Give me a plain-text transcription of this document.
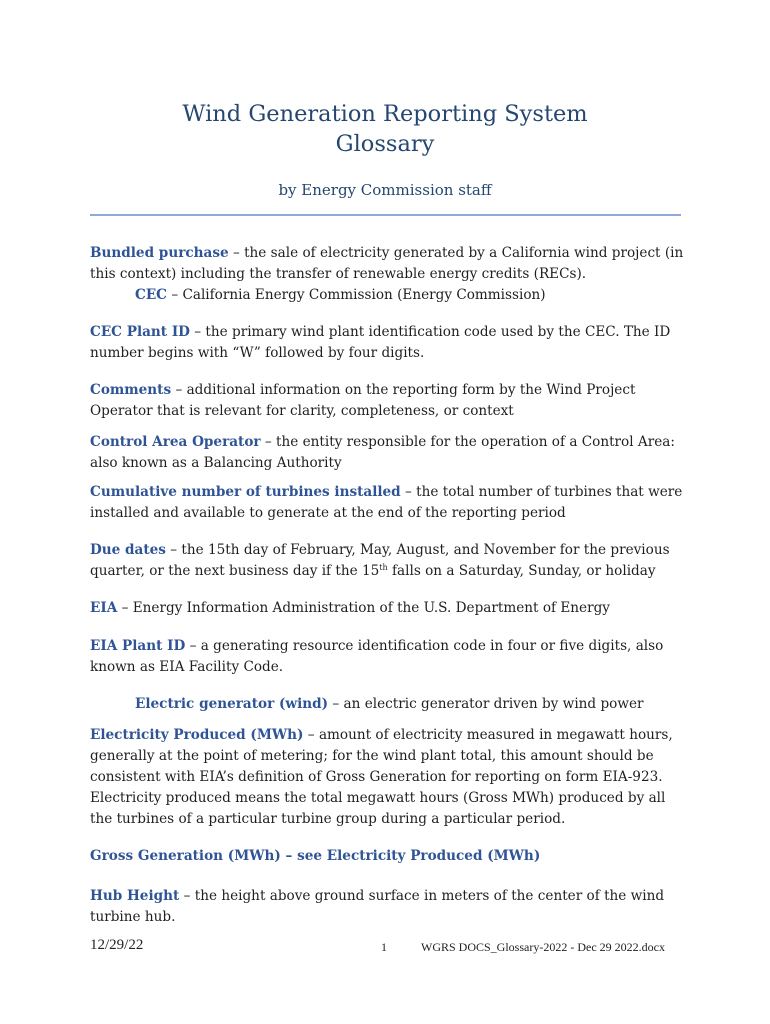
Wind Generation Reporting System
Glossary
by Energy Commission staff

Bundled purchase – the sale of electricity generated by a California wind project (in this context) including the transfer of renewable energy credits (RECs).

CEC – California Energy Commission (Energy Commission)

CEC Plant ID – the primary wind plant identification code used by the CEC. The ID number begins with “W” followed by four digits.

Comments – additional information on the reporting form by the Wind Project Operator that is relevant for clarity, completeness, or context

Control Area Operator – the entity responsible for the operation of a Control Area: also known as a Balancing Authority

Cumulative number of turbines installed – the total number of turbines that were installed and available to generate at the end of the reporting period

Due dates – the 15th day of February, May, August, and November for the previous quarter, or the next business day if the 15th falls on a Saturday, Sunday, or holiday

EIA – Energy Information Administration of the U.S. Department of Energy

EIA Plant ID – a generating resource identification code in four or five digits, also known as EIA Facility Code.

Electric generator (wind) – an electric generator driven by wind power

Electricity Produced (MWh) – amount of electricity measured in megawatt hours, generally at the point of metering; for the wind plant total, this amount should be consistent with EIA’s definition of Gross Generation for reporting on form EIA-923. Electricity produced means the total megawatt hours (Gross MWh) produced by all the turbines of a particular turbine group during a particular period.

Gross Generation (MWh) – see Electricity Produced (MWh)

Hub Height – the height above ground surface in meters of the center of the wind turbine hub.

12/29/22	1	WGRS DOCS_Glossary-2022 - Dec 29 2022.docx
